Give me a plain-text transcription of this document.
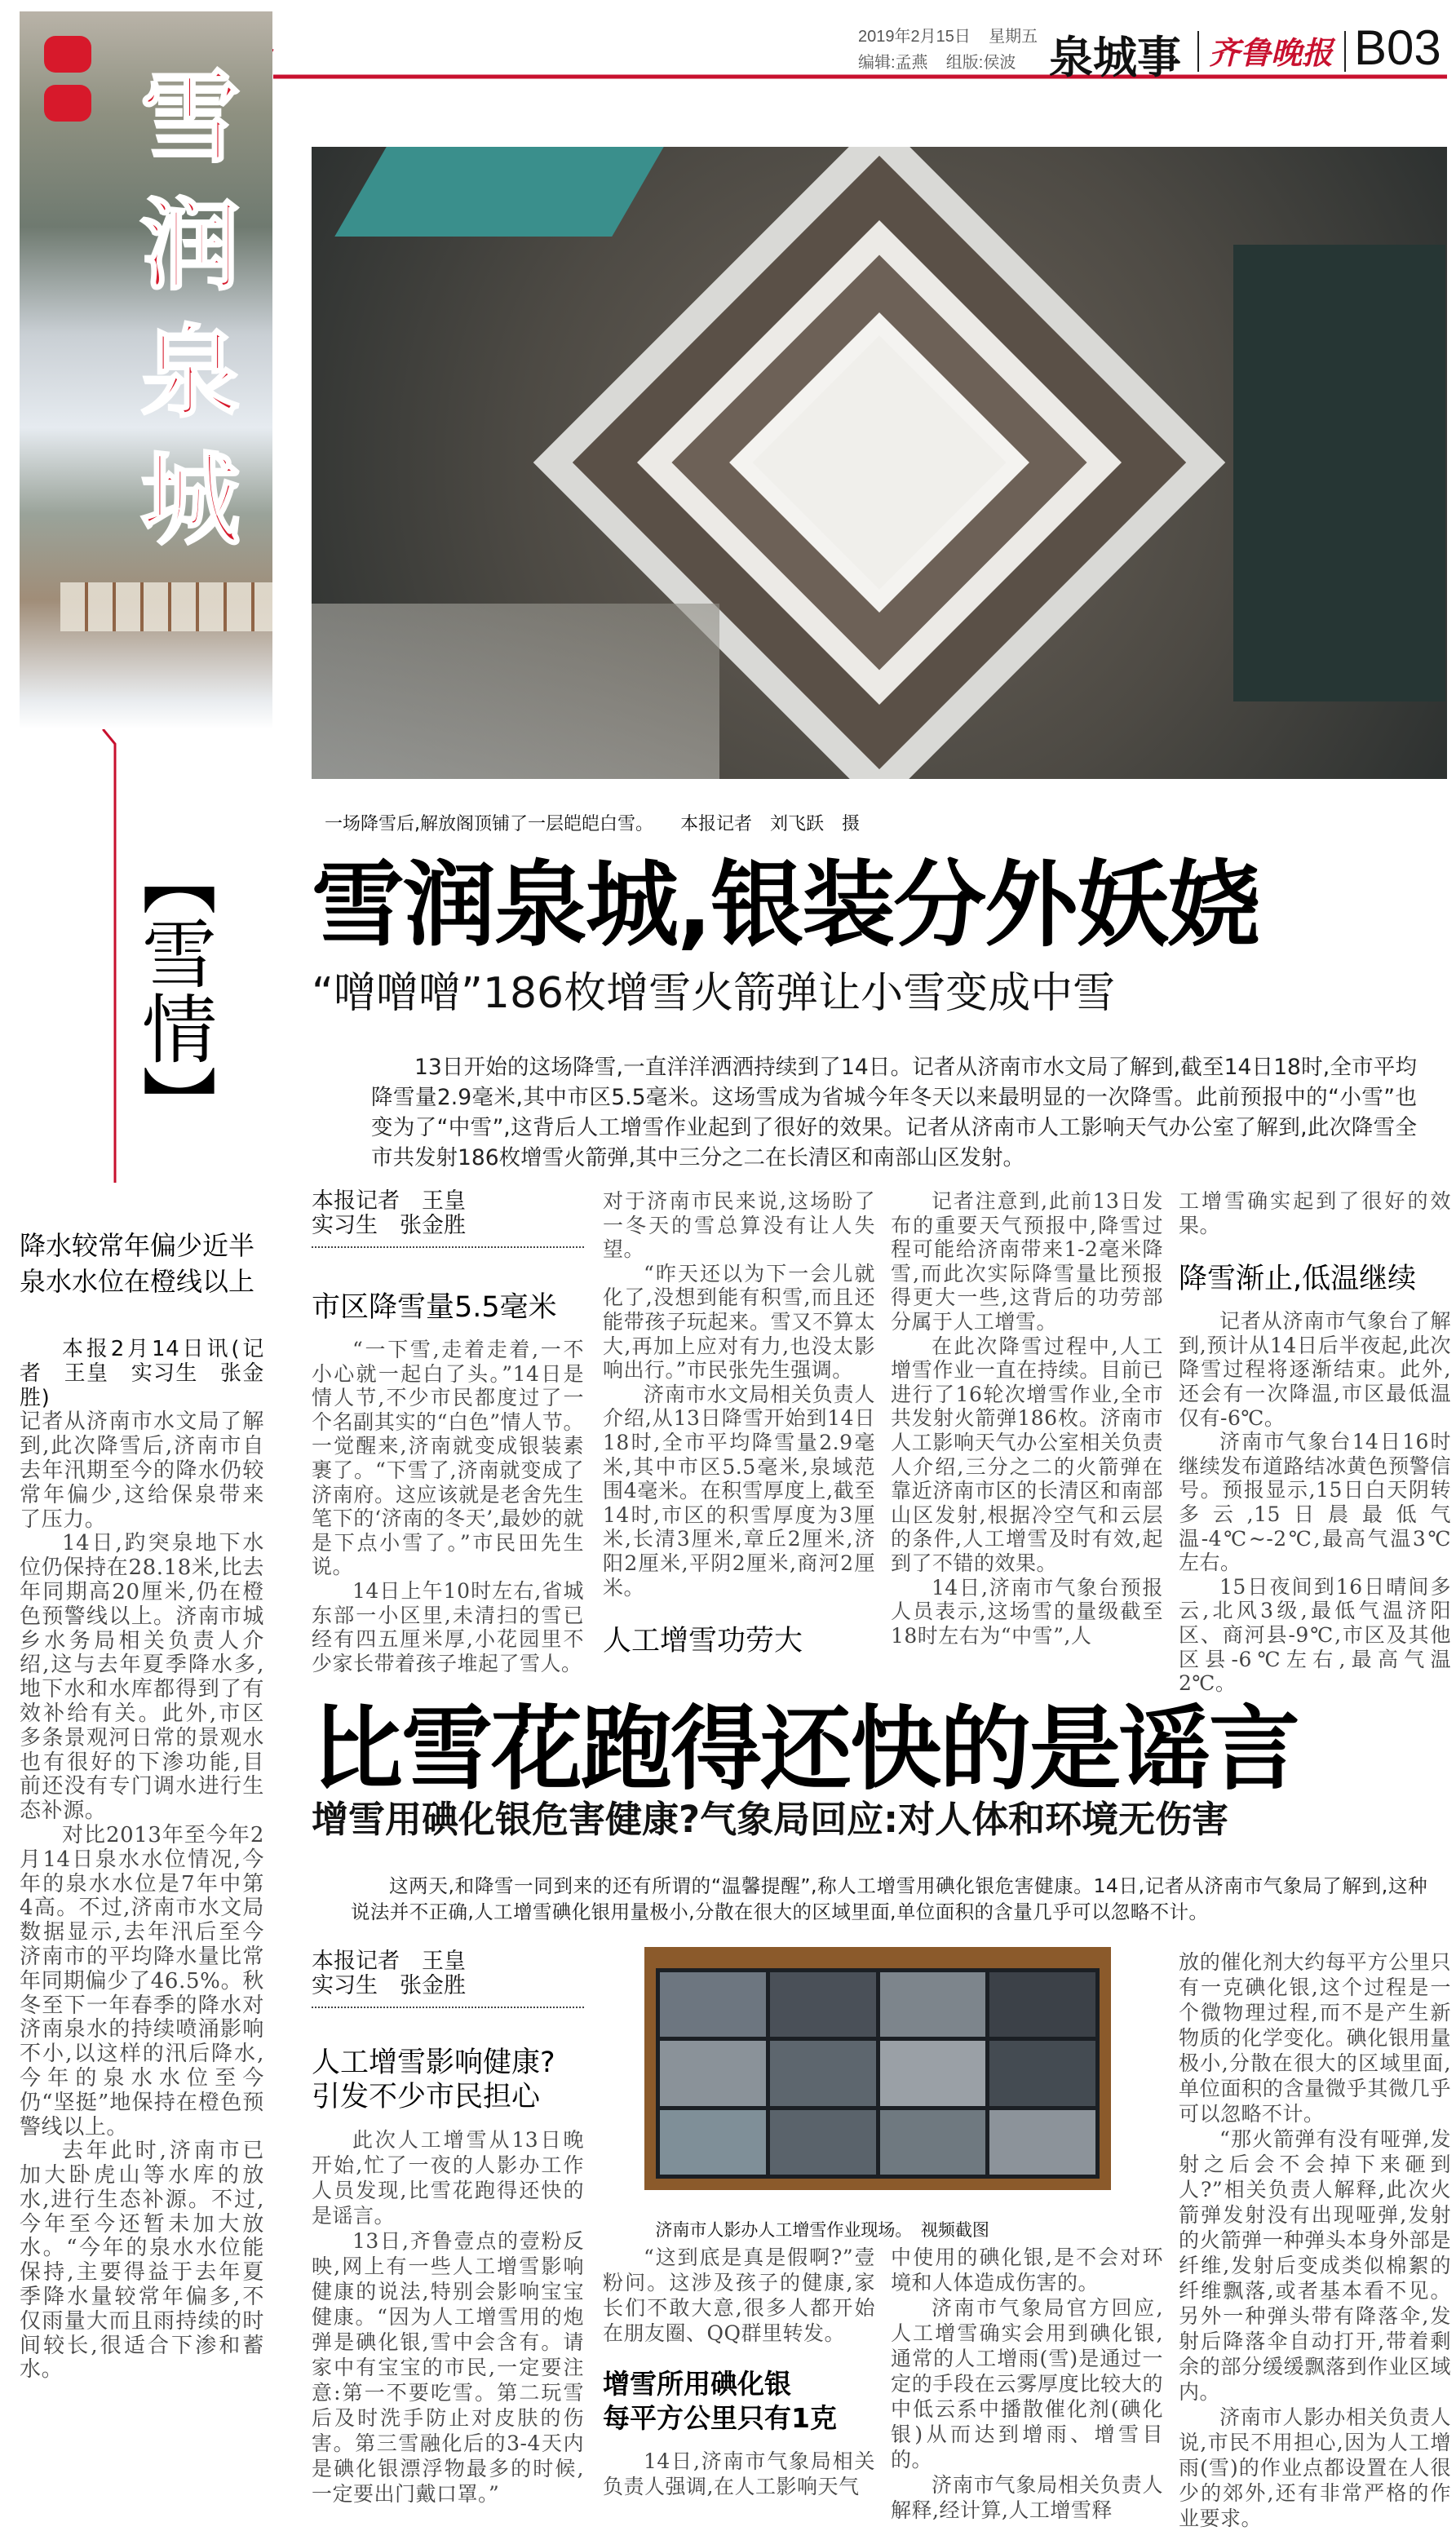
2019年2月15日 星期五
编辑:孟燕 组版:侯波 泉城事 齐鲁晚报 B03
雪润泉城
【雪情】

一场降雪后,解放阁顶铺了一层皑皑白雪。　　 本报记者　刘飞跃　摄

雪润泉城,银装分外妖娆
“噌噌噌”186枚增雪火箭弹让小雪变成中雪

13日开始的这场降雪,一直洋洋洒洒持续到了14日。记者从济南市水文局了解到,截至14日18时,全市平均降雪量2.9毫米,其中市区5.5毫米。这场雪成为省城今年冬天以来最明显的一次降雪。此前预报中的“小雪”也变为了“中雪”,这背后人工增雪作业起到了很好的效果。记者从济南市人工影响天气办公室了解到,此次降雪全市共发射186枚增雪火箭弹,其中三分之二在长清区和南部山区发射。

降水较常年偏少近半
泉水水位在橙线以上

本报2月14日讯(记者　王皇　实习生　张金胜)

记者从济南市水文局了解到,此次降雪后,济南市自去年汛期至今的降水仍较常年偏少,这给保泉带来了压力。

14日,趵突泉地下水位仍保持在28.18米,比去年同期高20厘米,仍在橙色预警线以上。济南市城乡水务局相关负责人介绍,这与去年夏季降水多,地下水和水库都得到了有效补给有关。此外,市区多条景观河日常的景观水也有很好的下渗功能,目前还没有专门调水进行生态补源。

对比2013年至今年2月14日泉水水位情况,今年的泉水水位是7年中第4高。不过,济南市水文局数据显示,去年汛后至今济南市的平均降水量比常年同期偏少了46.5%。秋冬至下一年春季的降水对济南泉水的持续喷涌影响不小,以这样的汛后降水,今年的泉水水位至今仍“坚挺”地保持在橙色预警线以上。

去年此时,济南市已加大卧虎山等水库的放水,进行生态补源。不过,今年至今还暂未加大放水。“今年的泉水水位能保持,主要得益于去年夏季降水量较常年偏多,不仅雨量大而且雨持续的时间较长,很适合下渗和蓄水。

本报记者　王皇
实习生　张金胜
市区降雪量5.5毫米

“一下雪,走着走着,一不小心就一起白了头。”14日是情人节,不少市民都度过了一个名副其实的“白色”情人节。一觉醒来,济南就变成银装素裹了。“下雪了,济南就变成了济南府。这应该就是老舍先生笔下的‘济南的冬天’,最妙的就是下点小雪了。”市民田先生说。

14日上午10时左右,省城东部一小区里,未清扫的雪已经有四五厘米厚,小花园里不少家长带着孩子堆起了雪人。

对于济南市民来说,这场盼了一冬天的雪总算没有让人失望。

“昨天还以为下一会儿就化了,没想到能有积雪,而且还能带孩子玩起来。雪又不算太大,再加上应对有力,也没太影响出行。”市民张先生强调。

济南市水文局相关负责人介绍,从13日降雪开始到14日18时,全市平均降雪量2.9毫米,其中市区5.5毫米,泉域范围4毫米。在积雪厚度上,截至14时,市区的积雪厚度为3厘米,长清3厘米,章丘2厘米,济阳2厘米,平阴2厘米,商河2厘米。

人工增雪功劳大

记者注意到,此前13日发布的重要天气预报中,降雪过程可能给济南带来1-2毫米降雪,而此次实际降雪量比预报得更大一些,这背后的功劳部分属于人工增雪。

在此次降雪过程中,人工增雪作业一直在持续。目前已进行了16轮次增雪作业,全市共发射火箭弹186枚。济南市人工影响天气办公室相关负责人介绍,三分之二的火箭弹在靠近济南市区的长清区和南部山区发射,根据冷空气和云层的条件,人工增雪及时有效,起到了不错的效果。

14日,济南市气象台预报人员表示,这场雪的量级截至18时左右为“中雪”,人

工增雪确实起到了很好的效果。

降雪渐止,低温继续

记者从济南市气象台了解到,预计从14日后半夜起,此次降雪过程将逐渐结束。此外,还会有一次降温,市区最低温仅有-6℃。

济南市气象台14日16时继续发布道路结冰黄色预警信号。预报显示,15日白天阴转多云,15日晨最低气温-4℃~-2℃,最高气温3℃左右。

15日夜间到16日晴间多云,北风3级,最低气温济阳区、商河县-9℃,市区及其他区县-6℃左右,最高气温2℃。

比雪花跑得还快的是谣言
增雪用碘化银危害健康?气象局回应:对人体和环境无伤害

这两天,和降雪一同到来的还有所谓的“温馨提醒”,称人工增雪用碘化银危害健康。14日,记者从济南市气象局了解到,这种说法并不正确,人工增雪碘化银用量极小,分散在很大的区域里面,单位面积的含量几乎可以忽略不计。

本报记者　王皇
实习生　张金胜
人工增雪影响健康?
引发不少市民担心

此次人工增雪从13日晚开始,忙了一夜的人影办工作人员发现,比雪花跑得还快的是谣言。

13日,齐鲁壹点的壹粉反映,网上有一些人工增雪影响健康的说法,特别会影响宝宝健康。“因为人工增雪用的炮弹是碘化银,雪中会含有。请家中有宝宝的市民,一定要注意:第一不要吃雪。第二玩雪后及时洗手防止对皮肤的伤害。第三雪融化后的3-4天内是碘化银漂浮物最多的时候,一定要出门戴口罩。”

济南市人影办人工增雪作业现场。　 视频截图

“这到底是真是假啊?”壹粉问。这涉及孩子的健康,家长们不敢大意,很多人都开始在朋友圈、QQ群里转发。

增雪所用碘化银
每平方公里只有1克

14日,济南市气象局相关负责人强调,在人工影响天气

中使用的碘化银,是不会对环境和人体造成伤害的。

济南市气象局官方回应,人工增雪确实会用到碘化银,通常的人工增雨(雪)是通过一定的手段在云雾厚度比较大的中低云系中播散催化剂(碘化银)从而达到增雨、增雪目的。

济南市气象局相关负责人解释,经计算,人工增雪释

放的催化剂大约每平方公里只有一克碘化银,这个过程是一个微物理过程,而不是产生新物质的化学变化。碘化银用量极小,分散在很大的区域里面,单位面积的含量微乎其微几乎可以忽略不计。

“那火箭弹有没有哑弹,发射之后会不会掉下来砸到人?”相关负责人解释,此次火箭弹发射没有出现哑弹,发射的火箭弹一种弹头本身外部是纤维,发射后变成类似棉絮的纤维飘落,或者基本看不见。另外一种弹头带有降落伞,发射后降落伞自动打开,带着剩余的部分缓缓飘落到作业区域内。

济南市人影办相关负责人说,市民不用担心,因为人工增雨(雪)的作业点都设置在人很少的郊外,还有非常严格的作业要求。
